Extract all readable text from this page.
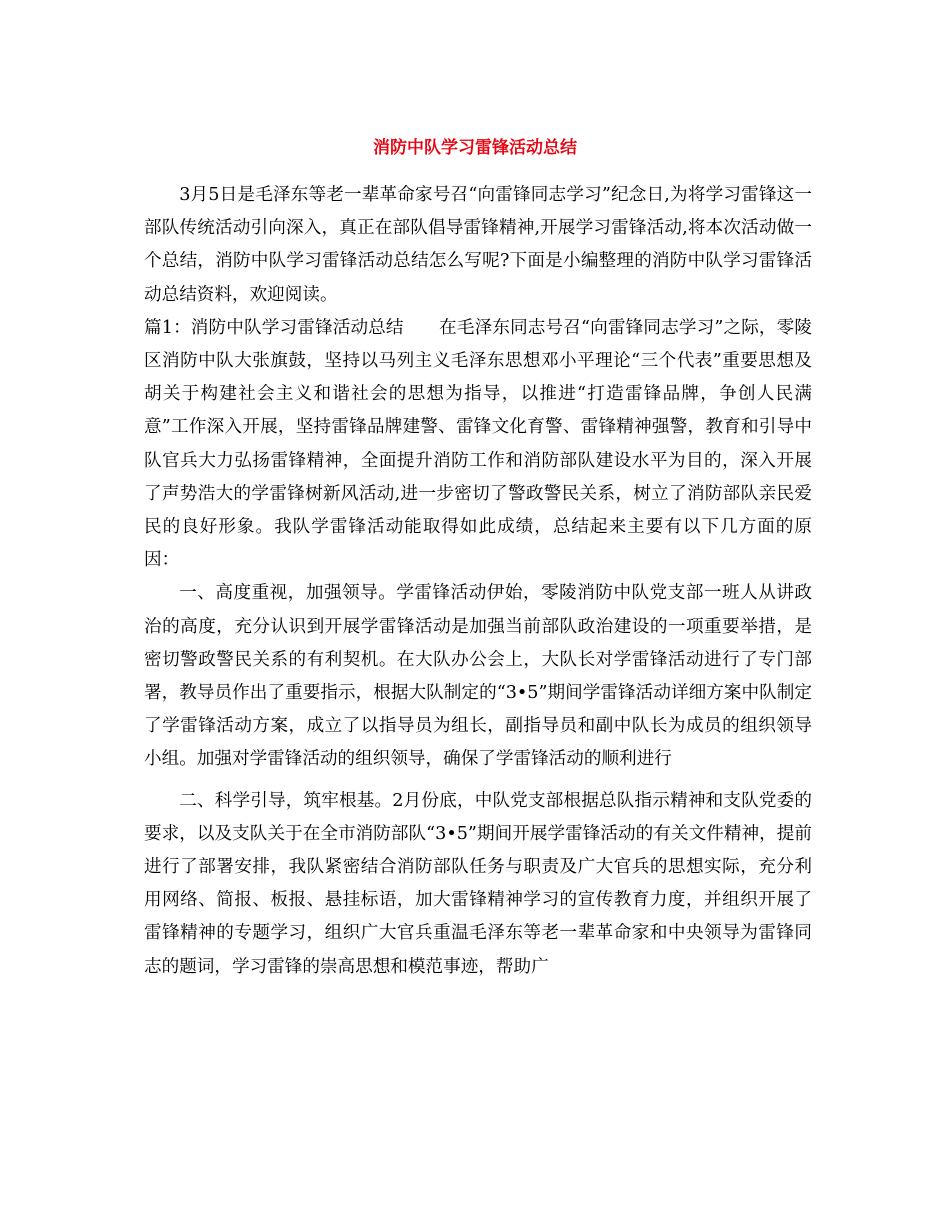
消防中队学习雷锋活动总结

3月5日是毛泽东等老一辈革命家号召“向雷锋同志学习”纪念日,为将学习雷锋这一部队传统活动引向深入，真正在部队倡导雷锋精神,开展学习雷锋活动,将本次活动做一个总结，消防中队学习雷锋活动总结怎么写呢?下面是小编整理的消防中队学习雷锋活动总结资料，欢迎阅读。

篇1：消防中队学习雷锋活动总结　　在毛泽东同志号召“向雷锋同志学习”之际，零陵区消防中队大张旗鼓，坚持以马列主义毛泽东思想邓小平理论“三个代表”重要思想及胡关于构建社会主义和谐社会的思想为指导，以推进“打造雷锋品牌，争创人民满意”工作深入开展，坚持雷锋品牌建警、雷锋文化育警、雷锋精神强警，教育和引导中队官兵大力弘扬雷锋精神，全面提升消防工作和消防部队建设水平为目的，深入开展了声势浩大的学雷锋树新风活动,进一步密切了警政警民关系，树立了消防部队亲民爱民的良好形象。我队学雷锋活动能取得如此成绩，总结起来主要有以下几方面的原因：

一、高度重视，加强领导。学雷锋活动伊始，零陵消防中队党支部一班人从讲政治的高度，充分认识到开展学雷锋活动是加强当前部队政治建设的一项重要举措，是密切警政警民关系的有利契机。在大队办公会上，大队长对学雷锋活动进行了专门部署，教导员作出了重要指示，根据大队制定的“3•5”期间学雷锋活动详细方案中队制定了学雷锋活动方案，成立了以指导员为组长，副指导员和副中队长为成员的组织领导小组。加强对学雷锋活动的组织领导，确保了学雷锋活动的顺利进行

二、科学引导，筑牢根基。2月份底，中队党支部根据总队指示精神和支队党委的要求，以及支队关于在全市消防部队“3•5”期间开展学雷锋活动的有关文件精神，提前进行了部署安排，我队紧密结合消防部队任务与职责及广大官兵的思想实际，充分利用网络、简报、板报、悬挂标语，加大雷锋精神学习的宣传教育力度，并组织开展了雷锋精神的专题学习，组织广大官兵重温毛泽东等老一辈革命家和中央领导为雷锋同志的题词，学习雷锋的崇高思想和模范事迹，帮助广
